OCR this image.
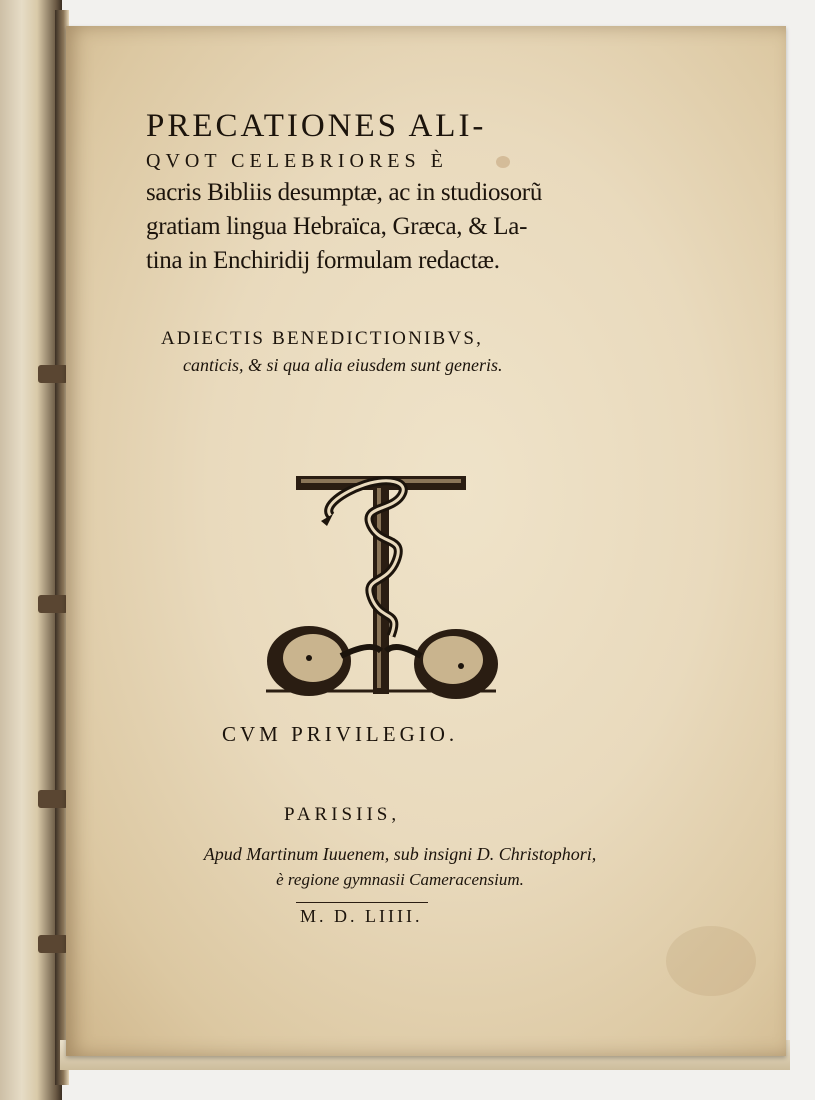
PRECATIONES ALI-
QVOT CELEBRIORES È
sacris Bibliis desumptæ, ac in studiosorũ
gratiam lingua Hebraïca, Græca, & La-
tina in Enchiridij formulam redactæ.
ADIECTIS BENEDICTIONIBVS,
canticis, & si qua alia eiusdem sunt generis.
CVM PRIVILEGIO.
PARISIIS,
Apud Martinum Iuuenem, sub insigni D. Christophori,
è regione gymnasii Cameracensium.
M. D. LIIII.
